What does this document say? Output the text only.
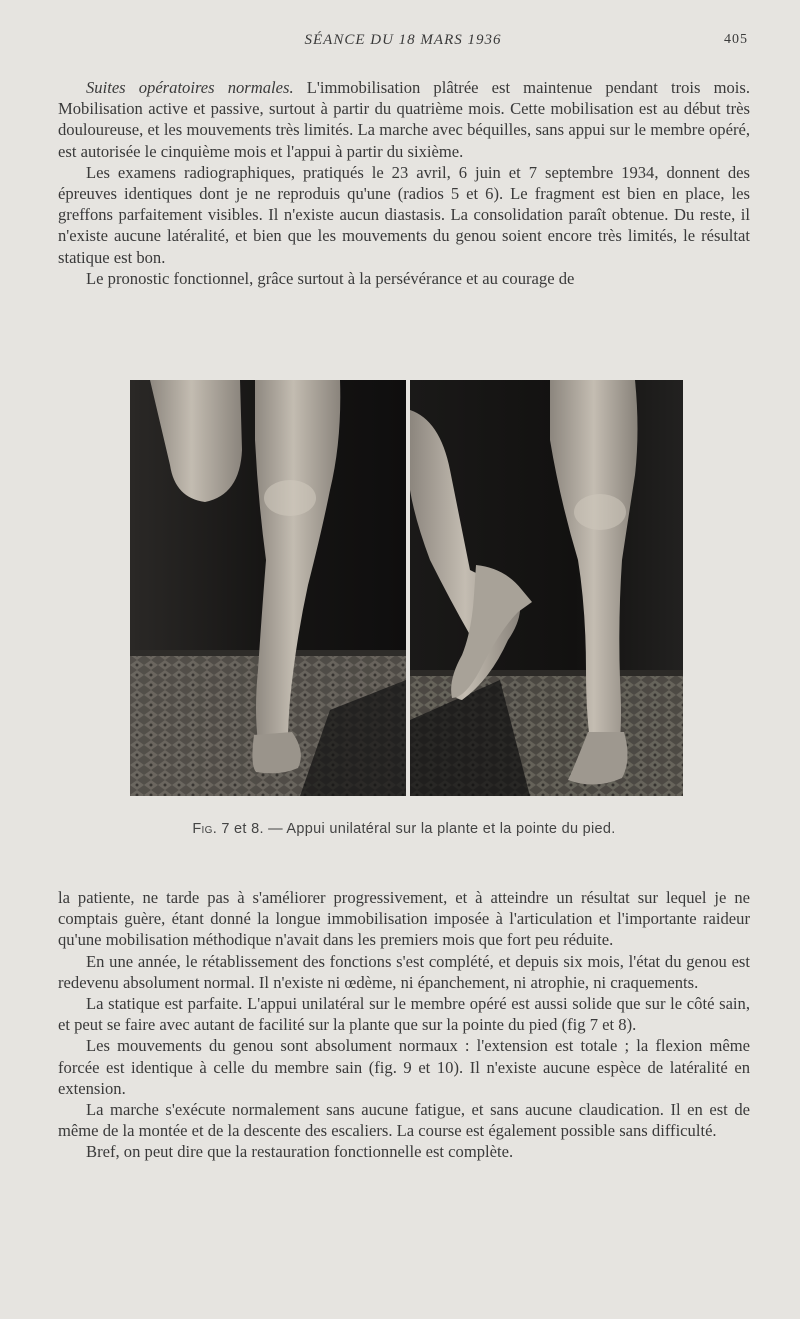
SÉANCE DU 18 MARS 1936	405

Suites opératoires normales. L'immobilisation plâtrée est maintenue pendant trois mois. Mobilisation active et passive, surtout à partir du quatrième mois. Cette mobilisation est au début très douloureuse, et les mouvements très limités. La marche avec béquilles, sans appui sur le membre opéré, est autorisée le cinquième mois et l'appui à partir du sixième.

Les examens radiographiques, pratiqués le 23 avril, 6 juin et 7 septembre 1934, donnent des épreuves identiques dont je ne reproduis qu'une (radios 5 et 6). Le fragment est bien en place, les greffons parfaitement visibles. Il n'existe aucun diastasis. La consolidation paraît obtenue. Du reste, il n'existe aucune latéralité, et bien que les mouvements du genou soient encore très limités, le résultat statique est bon.

Le pronostic fonctionnel, grâce surtout à la persévérance et au courage de

Fig. 7 et 8. — Appui unilatéral sur la plante et la pointe du pied.

la patiente, ne tarde pas à s'améliorer progressivement, et à atteindre un résultat sur lequel je ne comptais guère, étant donné la longue immobilisation imposée à l'articulation et l'importante raideur qu'une mobilisation méthodique n'avait dans les premiers mois que fort peu réduite.

En une année, le rétablissement des fonctions s'est complété, et depuis six mois, l'état du genou est redevenu absolument normal. Il n'existe ni œdème, ni épanchement, ni atrophie, ni craquements.

La statique est parfaite. L'appui unilatéral sur le membre opéré est aussi solide que sur le côté sain, et peut se faire avec autant de facilité sur la plante que sur la pointe du pied (fig 7 et 8).

Les mouvements du genou sont absolument normaux : l'extension est totale ; la flexion même forcée est identique à celle du membre sain (fig. 9 et 10). Il n'existe aucune espèce de latéralité en extension.

La marche s'exécute normalement sans aucune fatigue, et sans aucune claudication. Il en est de même de la montée et de la descente des escaliers. La course est également possible sans difficulté.

Bref, on peut dire que la restauration fonctionnelle est complète.
